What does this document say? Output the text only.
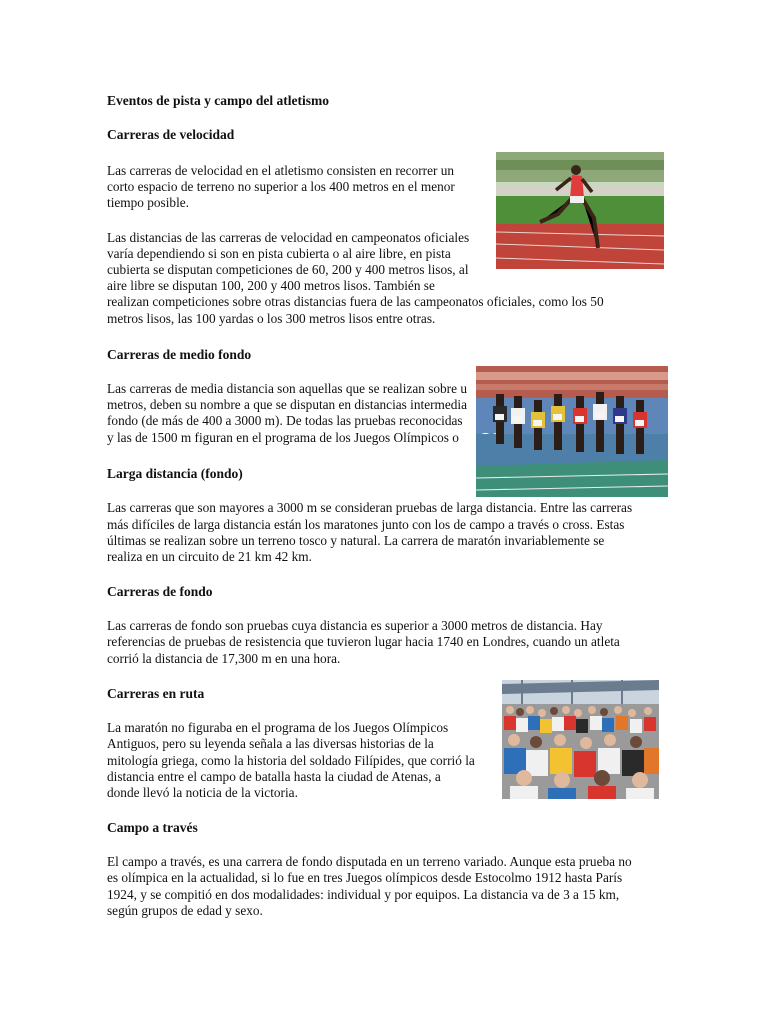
Eventos de pista y campo del atletismo

Carreras de velocidad

Las carreras de velocidad en el atletismo consisten en recorrer un

corto espacio de terreno no superior a los 400 metros en el menor

tiempo posible.

Las distancias de las carreras de velocidad en campeonatos oficiales

varía dependiendo si son en pista cubierta o al aire libre, en pista

cubierta se disputan competiciones de 60, 200 y 400 metros lisos, al

aire libre se disputan 100, 200 y 400 metros lisos. También se

realizan competiciones sobre otras distancias fuera de las campeonatos oficiales, como los 50

metros lisos, las 100 yardas o los 300 metros lisos entre otras.

Carreras de medio fondo

Las carreras de media distancia son aquellas que se realizan sobre u

metros, deben su nombre a que se disputan en distancias intermedia

fondo (de más de 400 a 3000 m). De todas las pruebas reconocidas

y las de 1500 m figuran en el programa de los Juegos Olímpicos o

Larga distancia (fondo)

Las carreras que son mayores a 3000 m se consideran pruebas de larga distancia. Entre las carreras

más difíciles de larga distancia están los maratones junto con los de campo a través o cross. Estas

últimas se realizan sobre un terreno tosco y natural. La carrera de maratón invariablemente se

realiza en un circuito de 21 km 42 km.

Carreras de fondo

Las carreras de fondo son pruebas cuya distancia es superior a 3000 metros de distancia. Hay

referencias de pruebas de resistencia que tuvieron lugar hacia 1740 en Londres, cuando un atleta

corrió la distancia de 17,300 m en una hora.

Carreras en ruta

La maratón no figuraba en el programa de los Juegos Olímpicos

Antiguos, pero su leyenda señala a las diversas historias de la

mitología griega, como la historia del soldado Filípides, que corrió la

distancia entre el campo de batalla hasta la ciudad de Atenas, a

donde llevó la noticia de la victoria.

Campo a través

El campo a través, es una carrera de fondo disputada en un terreno variado. Aunque esta prueba no

es olímpica en la actualidad, si lo fue en tres Juegos olímpicos desde Estocolmo 1912 hasta París

1924, y se compitió en dos modalidades: individual y por equipos. La distancia va de 3 a 15 km,

según grupos de edad y sexo.
